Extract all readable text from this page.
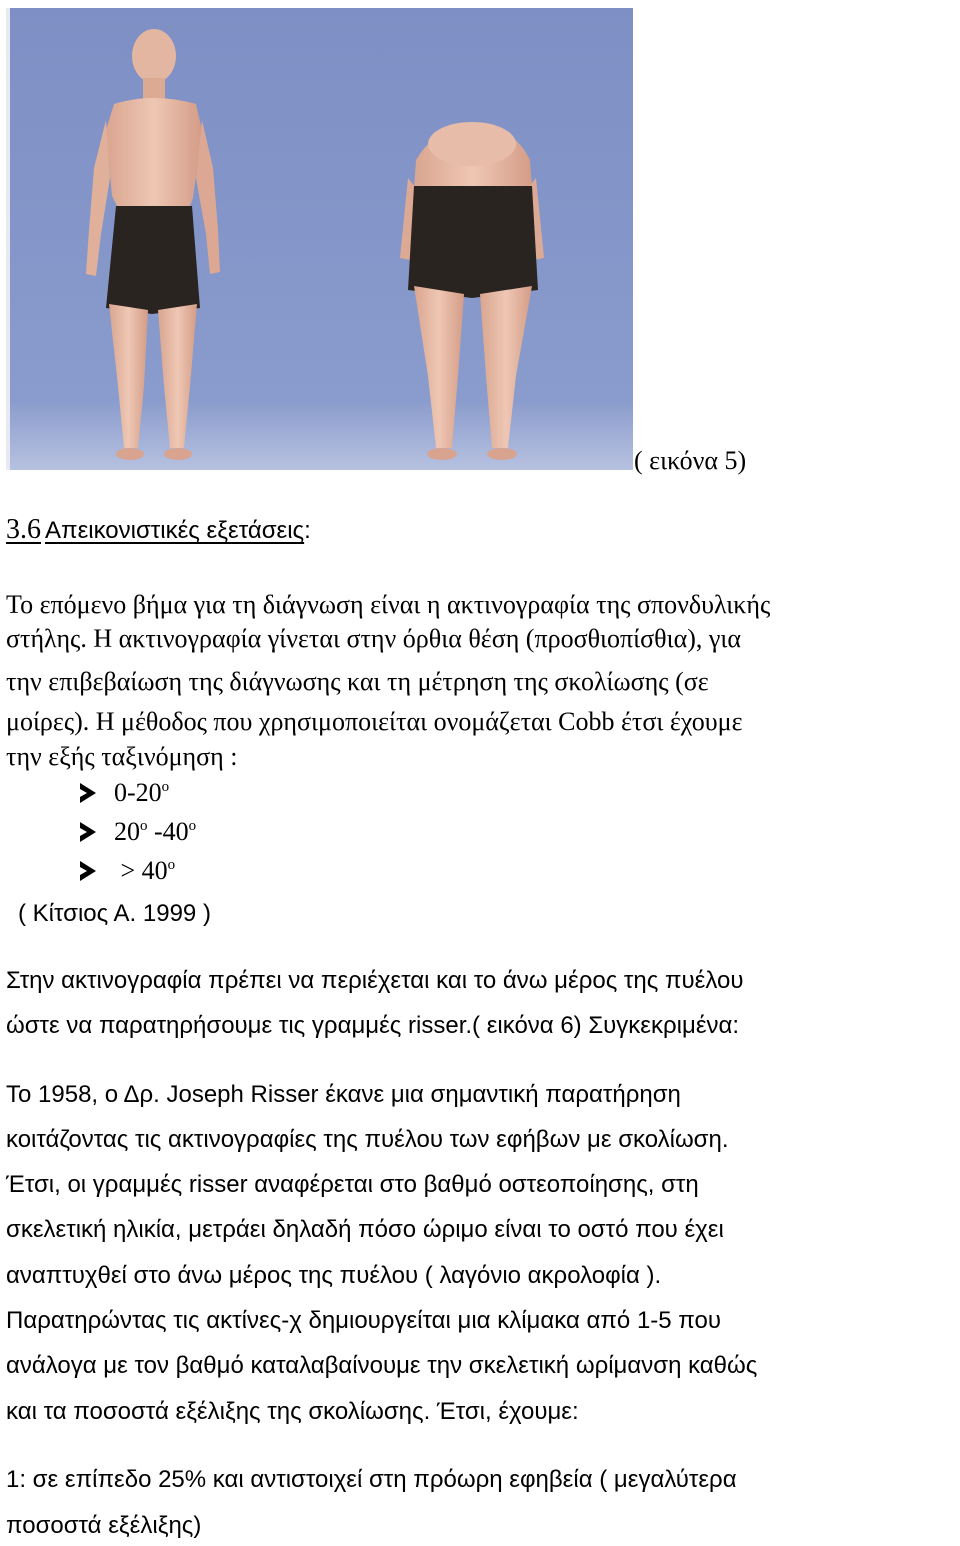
( εικόνα 5)
3.6 Απεικονιστικές εξετάσεις:
Το επόμενο βήμα για τη διάγνωση είναι η ακτινογραφία της σπονδυλικής
στήλης. Η ακτινογραφία γίνεται στην όρθια θέση (προσθιοπίσθια), για
την επιβεβαίωση της διάγνωσης και τη μέτρηση της σκολίωσης (σε
μοίρες). Η μέθοδος που χρησιμοποιείται ονομάζεται Cobb έτσι έχουμε
την εξής ταξινόμηση :
$0-20^o$
$20^o$ $-40^o$
> $40^o$
( Κίτσιος Α. 1999 )
Στην ακτινογραφία πρέπει να περιέχεται και το άνω μέρος της πυέλου
ώστε να παρατηρήσουμε τις γραμμές risser.( εικόνα 6) Συγκεκριμένα:
Το 1958, ο Δρ. Joseph Risser έκανε μια σημαντική παρατήρηση
κοιτάζοντας τις ακτινογραφίες της πυέλου των εφήβων με σκολίωση.
Έτσι, οι γραμμές risser αναφέρεται στο βαθμό οστεοποίησης, στη
σκελετική ηλικία, μετράει δηλαδή πόσο ώριμο είναι το οστό που έχει
αναπτυχθεί στο άνω μέρος της πυέλου ( λαγόνιο ακρολοφία ).
Παρατηρώντας τις ακτίνες-χ δημιουργείται μια κλίμακα από 1-5 που
ανάλογα με τον βαθμό καταλαβαίνουμε την σκελετική ωρίμανση καθώς
και τα ποσοστά εξέλιξης της σκολίωσης. Έτσι, έχουμε:
1: σε επίπεδο 25% και αντιστοιχεί στη πρόωρη εφηβεία ( μεγαλύτερα
ποσοστά εξέλιξης)
